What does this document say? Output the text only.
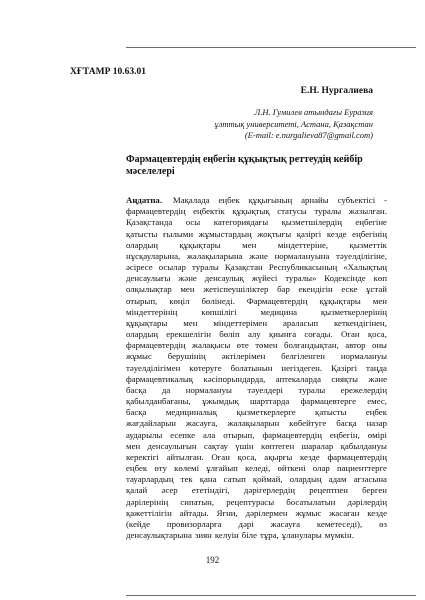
ХҒТАМР 10.63.01
Е.Н. Нургалиева
Л.Н. Гумилев атындағы Еуразия
ұлттық университеті, Астана, Қазақстан
(E-mail: e.nurgalieva87@gmail.com)
Фармацевтердің еңбегін құқықтық реттеудің кейбір
мәселелері
Аңдатпа. Мақалада еңбек құқығының арнайы субъектісі -
фармацевтердің еңбектік құқықтық статусы туралы жазылған.
Қазақстанда осы категориядағы қызметшілердің еңбегіне
қатысты ғылыми жұмыстардың жоқтығы қазіргі кезде еңбегінің
олардың құқықтары мен міндеттеріне, қызметтік
нұсқауларына, жалақыларына және нормалануына тәуелділігіне,
әсіресе осылар туралы Қазақстан Республикасының «Халықтың
денсаулығы және денсаулық жүйесі туралы» Кодексінде көп
олқылықтар мен жетіспеушіліктер бар екендігін еске ұстай
отырып, көңіл бөлінеді. Фармацевтердің құқықтары мен
міндеттерінің	көпшілігі	медицина	қызметкерлерінің
құқықтары мен міндеттерімен араласып кеткендігінен,
олардың ерекшелігін бөліп алу қиынға соғады. Оған қоса,
фармацевтердің жалақысы өте төмен болғандықтан, автор оны
жұмыс берушінің әктілерімен белгіленген нормалануы
тәуелділігімен көтеруге болатынын негіздеген. Қазіргі таңда
фармацевтикалық кәсіпорындарда, аптекаларда сияқты және
басқа да нормалануы тәуелдері туралы ережелердің
қабылданбағаны, ұжымдық шарттарда фармацевтерге емес,
басқа медициналық қызметкерлерге қатысты еңбек
жағдайларын жасауға, жалақыларын көбейтуге басқа назар
аударылы есепке ала отырып, фармацевтердің еңбегін, өмірі
мен денсаулығын сақтау үшін көптеген шаралар қабылдануы
керектігі айтылған. Оған қоса, ақырғы кезде фармацевтердің
еңбек өту көлемі ұлғайып келеді, өйткені олар пациенттерге
тауарлардың тек қана сатып қоймай, олардың адам ағзасына
қалай әсер ететіндігі, дәрігерлердің рецептпен берген
дәрілерінің сипатын, рецептурасы босатылатын дәрілердің
қажеттілігін айтады. Яғни, дәрілермен жұмыс жасаған кезде
(кейде провизорларға дәрі жасауға кеметеседі), өз
денсаулықтарына зиян келуін біле тұра, ұланулары мүмкін.
192
